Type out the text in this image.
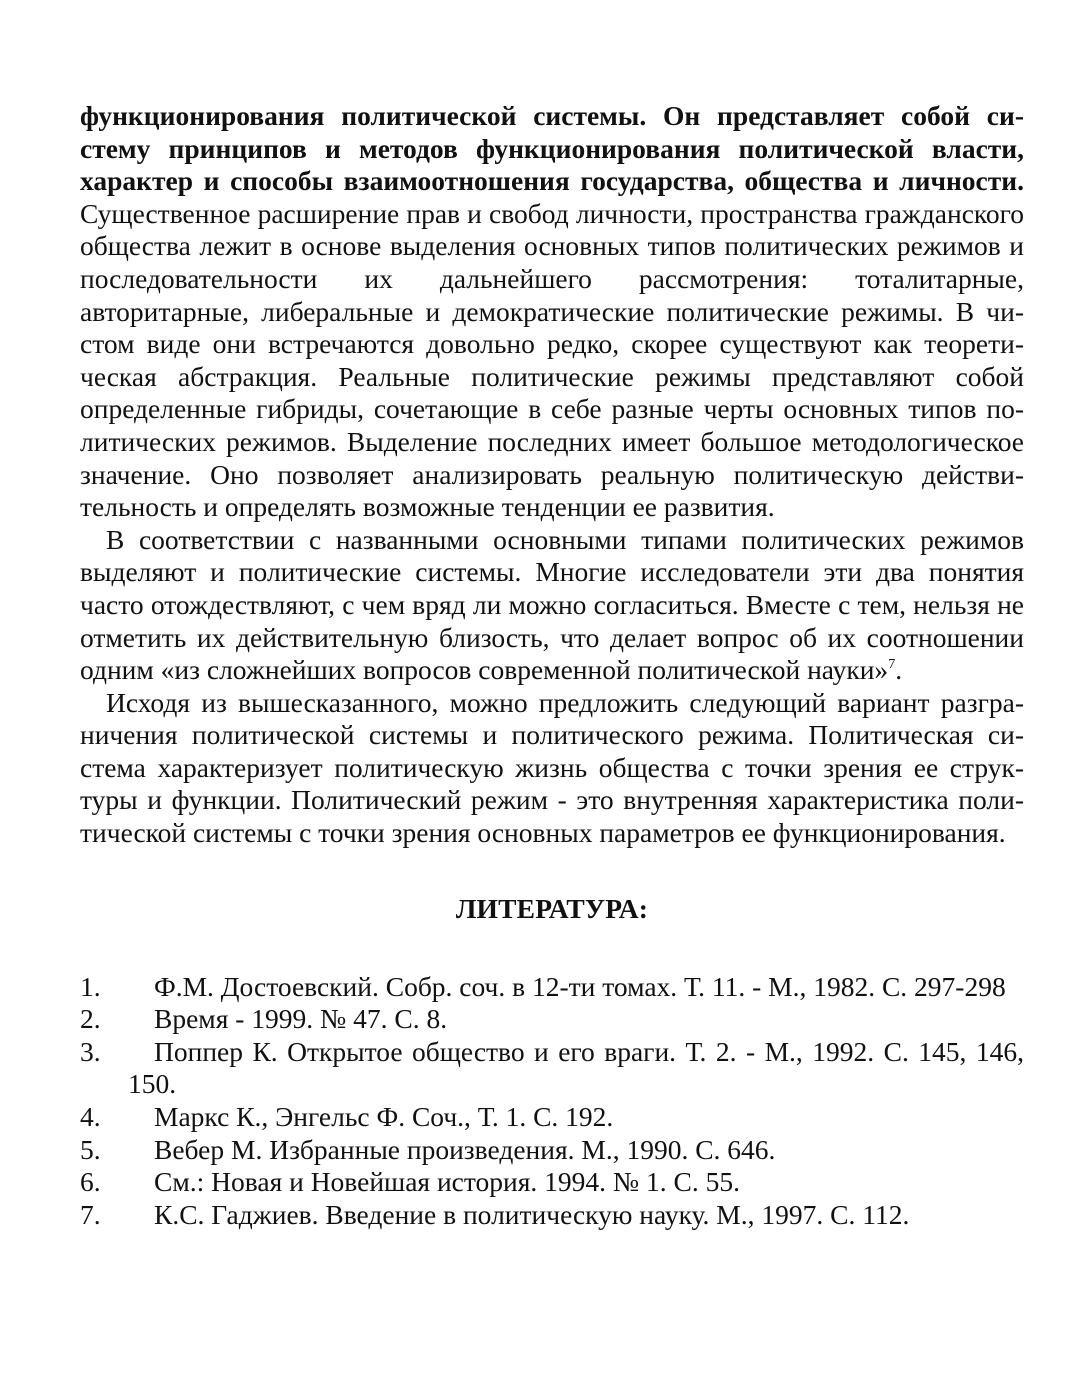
функционирования политической системы. Он представляет собой систему принципов и методов функционирования политической власти, характер и способы взаимоотношения государства, общества и личности. Существенное расширение прав и свобод личности, пространства гражданского общества лежит в основе выделения основных типов политических режимов и последовательности их дальнейшего рассмотрения: тоталитарные, авторитарные, либеральные и демократические политические режимы. В чистом виде они встречаются довольно редко, скорее существуют как теоретическая абстракция. Реальные политические режимы представляют собой определенные гибриды, сочетающие в себе разные черты основных типов политических режимов. Выделение последних имеет большое методологическое значение. Оно позволяет анализировать реальную политическую действительность и определять возможные тенденции ее развития.

В соответствии с названными основными типами политических режимов выделяют и политические системы. Многие исследователи эти два понятия часто отождествляют, с чем вряд ли можно согласиться. Вместе с тем, нельзя не отметить их действительную близость, что делает вопрос об их соотношении одним «из сложнейших вопросов современной политической науки»$^7$.

Исходя из вышесказанного, можно предложить следующий вариант разграничения политической системы и политического режима. Политическая система характеризует политическую жизнь общества с точки зрения ее структуры и функции. Политический режим - это внутренняя характеристика политической системы с точки зрения основных параметров ее функционирования.

ЛИТЕРАТУРА:
1.	Ф.М. Достоевский. Собр. соч. в 12-ти томах. Т. 11. - М., 1982. С. 297-298
2.	Время - 1999. № 47. С. 8.
3.	Поппер К. Открытое общество и его враги. Т. 2. - М., 1992. С. 145, 146, 150.
4.	Маркс К., Энгельс Ф. Соч., Т. 1. С. 192.
5.	Вебер М. Избранные произведения. М., 1990. С. 646.
6.	См.: Новая и Новейшая история. 1994. № 1. С. 55.
7.	К.С. Гаджиев. Введение в политическую науку. М., 1997. С. 112.
